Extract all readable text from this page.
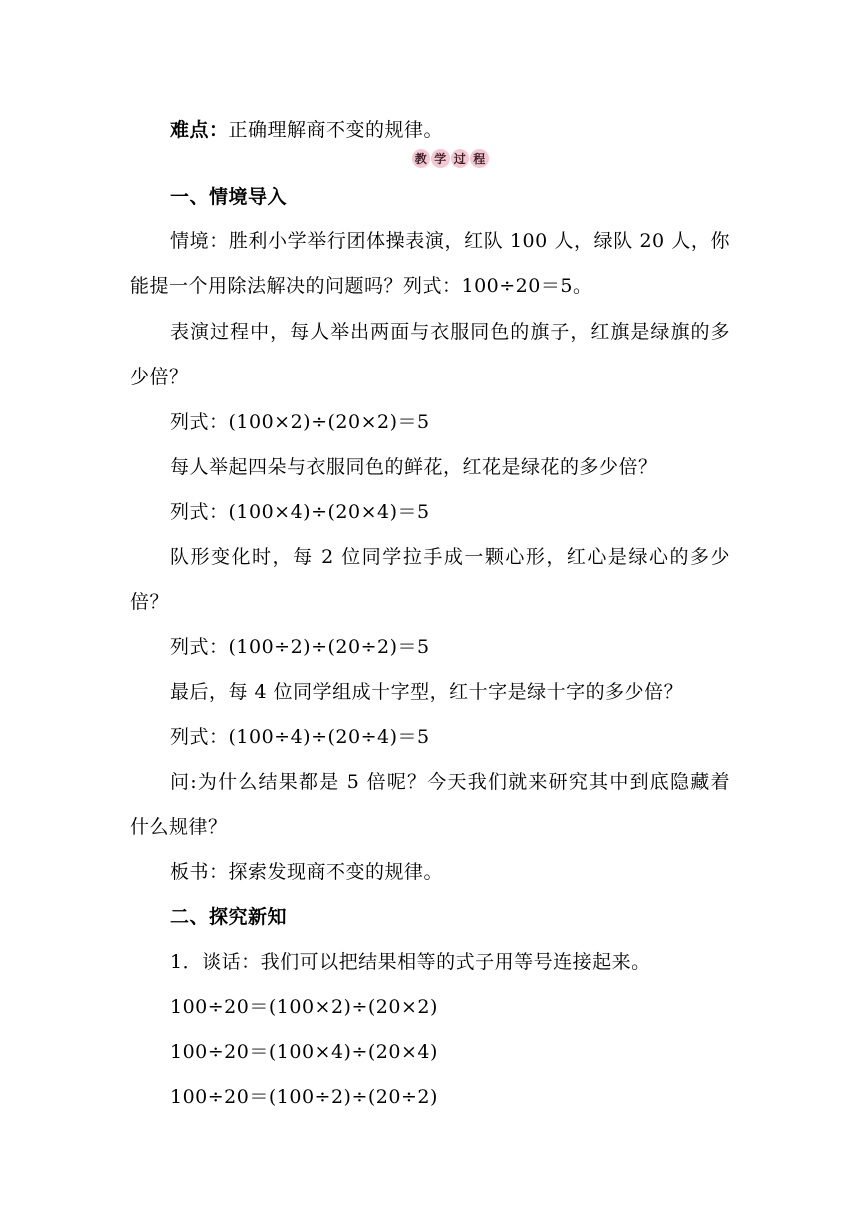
难点：正确理解商不变的规律。
教 学 过 程
一、情境导入
情境：胜利小学举行团体操表演，红队 100 人，绿队 20 人，你
能提一个用除法解决的问题吗？列式：100÷20＝5。
表演过程中，每人举出两面与衣服同色的旗子，红旗是绿旗的多
少倍？
列式：(100×2)÷(20×2)＝5
每人举起四朵与衣服同色的鲜花，红花是绿花的多少倍？
列式：(100×4)÷(20×4)＝5
队形变化时，每 2 位同学拉手成一颗心形，红心是绿心的多少
倍？
列式：(100÷2)÷(20÷2)＝5
最后，每 4 位同学组成十字型，红十字是绿十字的多少倍？
列式：(100÷4)÷(20÷4)＝5
问:为什么结果都是 5 倍呢？今天我们就来研究其中到底隐藏着
什么规律？
板书：探索发现商不变的规律。
二、探究新知
1．谈话：我们可以把结果相等的式子用等号连接起来。
100÷20＝(100×2)÷(20×2)
100÷20＝(100×4)÷(20×4)
100÷20＝(100÷2)÷(20÷2)
